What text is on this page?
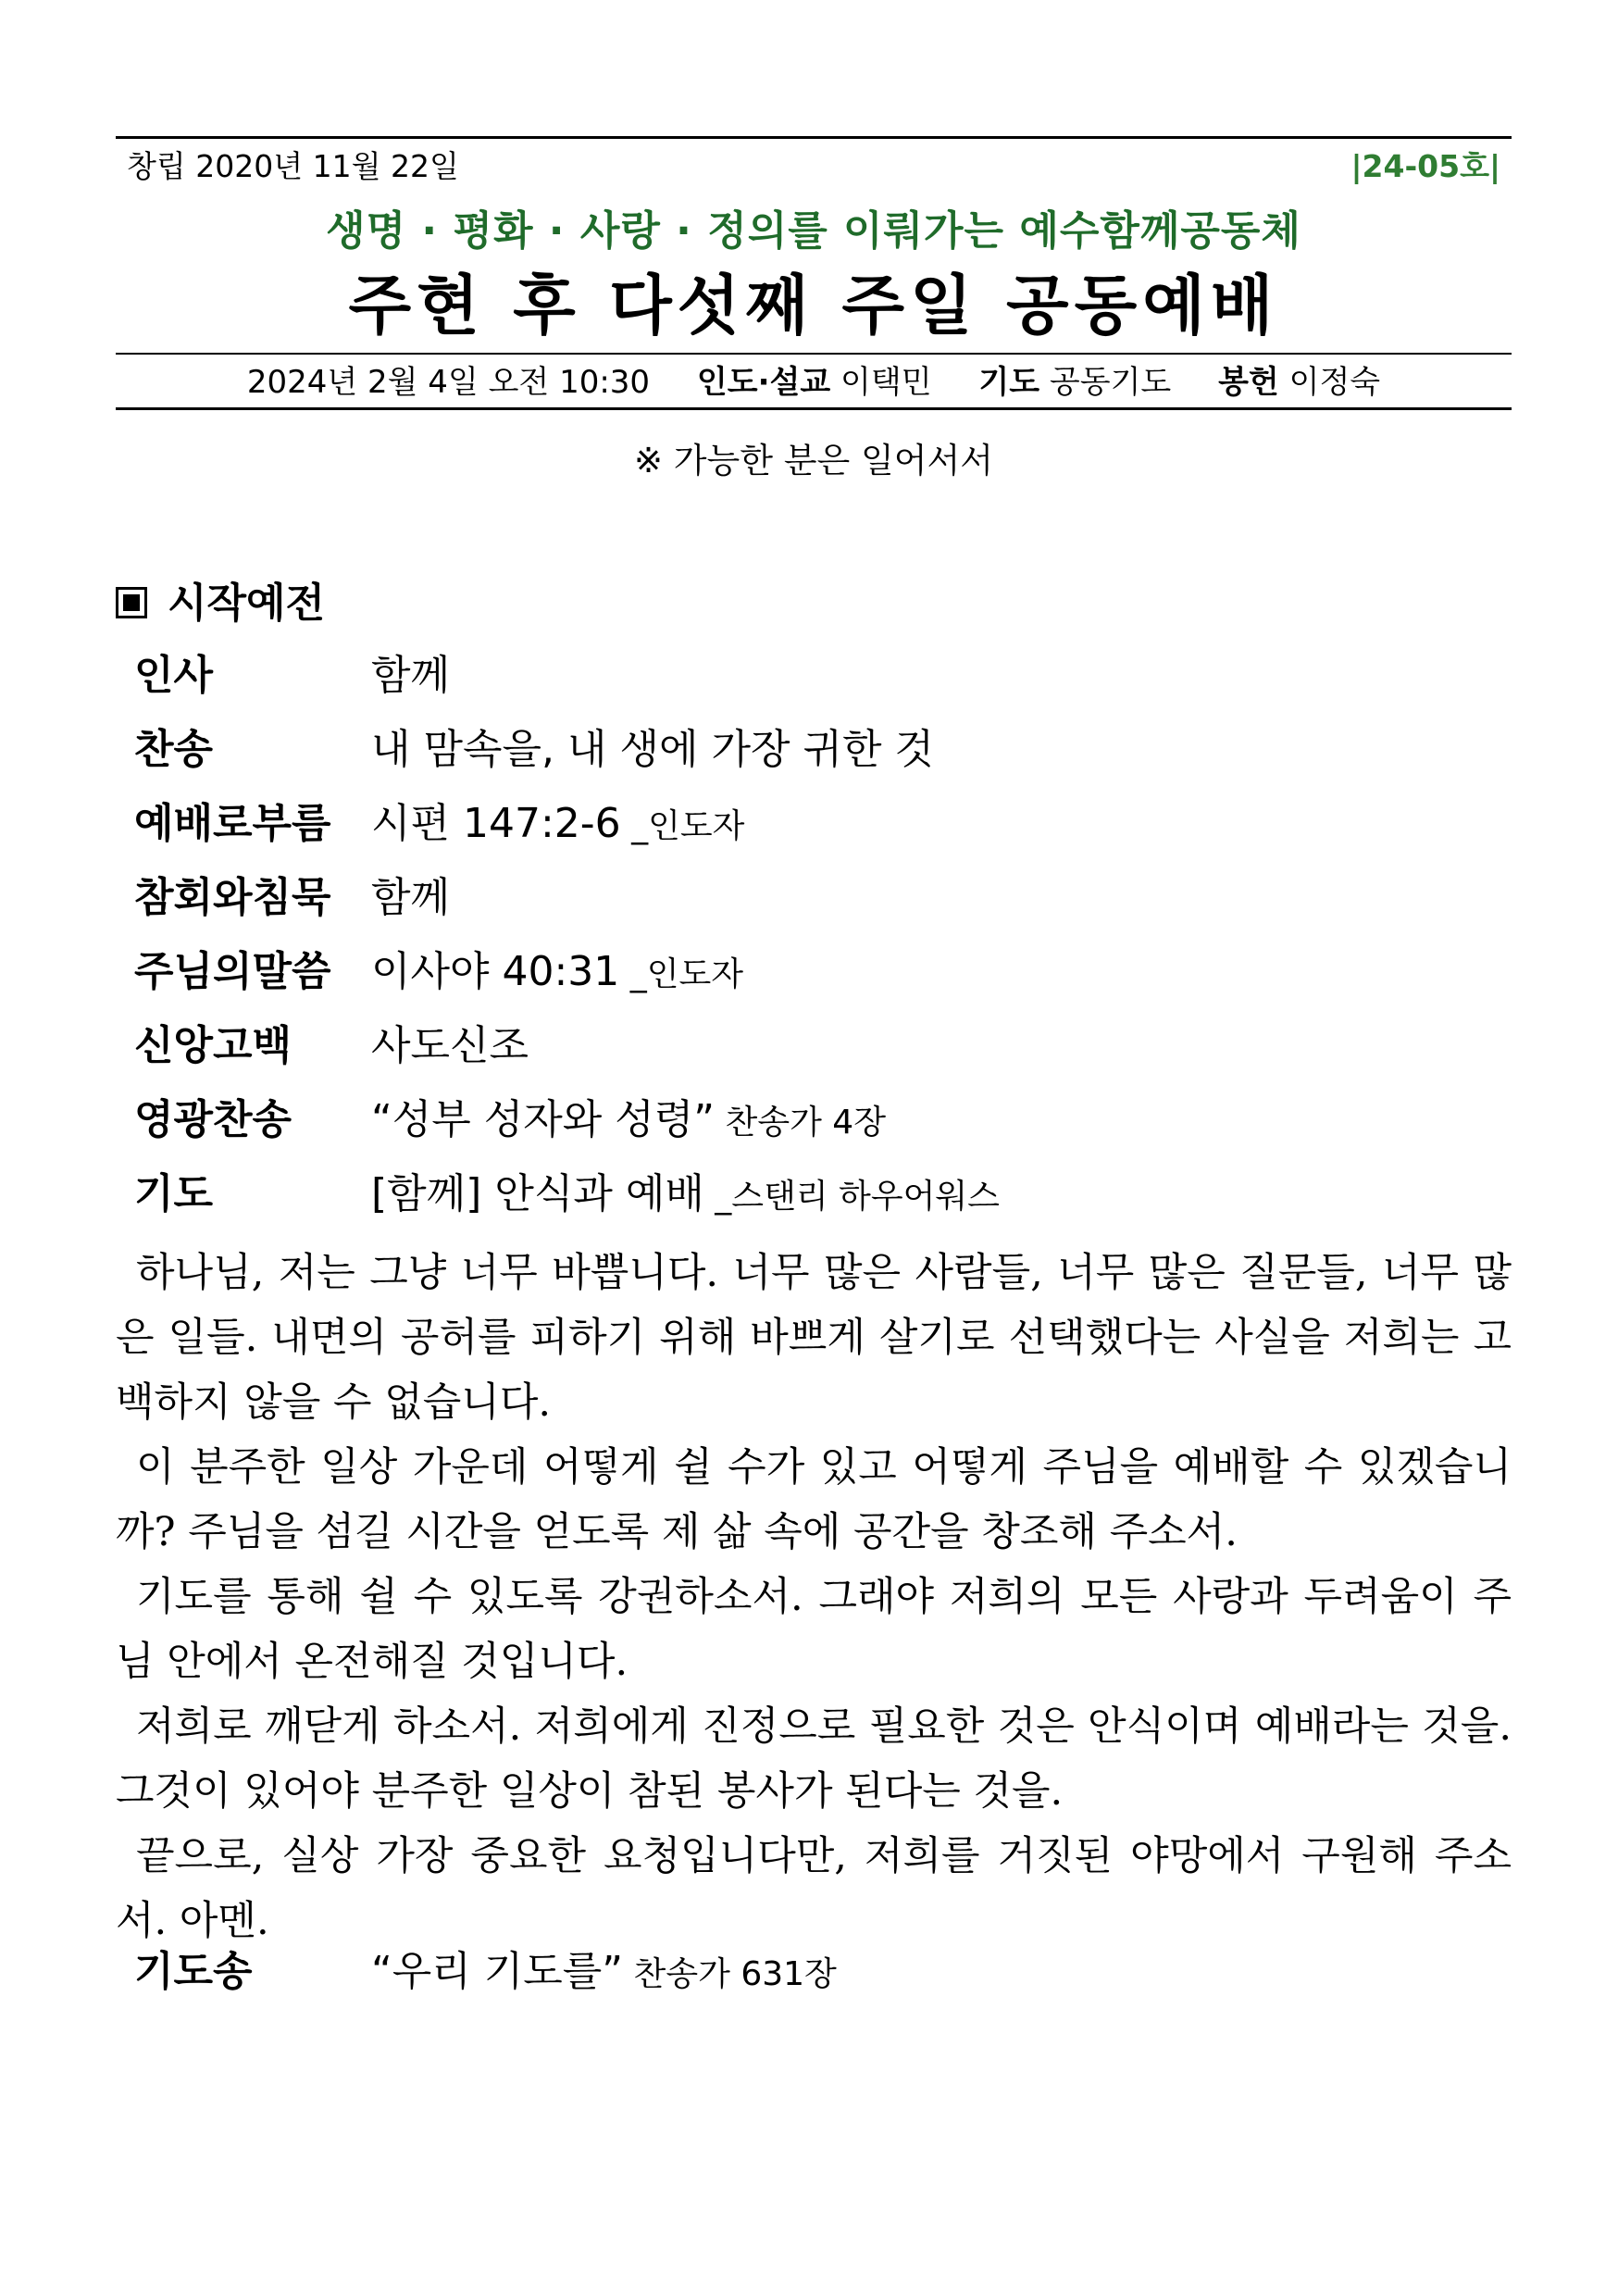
창립 2020년 11월 22일	|24-05호|
생명 · 평화 · 사랑 · 정의를 이뤄가는 예수함께공동체
주현 후 다섯째 주일 공동예배
2024년 2월 4일 오전 10:30 인도·설교 이택민 기도 공동기도 봉헌 이정숙
※ 가능한 분은 일어서서
시작예전
인사	함께
찬송	내 맘속을, 내 생에 가장 귀한 것
예배로부름 시편 147:2-6 _인도자
참회와침묵 함께
주님의말씀 이사야 40:31 _인도자
신앙고백 사도신조
영광찬송 “성부 성자와 성령” 찬송가 4장
기도	[함께] 안식과 예배 _스탠리 하우어워스

하나님, 저는 그냥 너무 바쁩니다. 너무 많은 사람들, 너무 많은 질문들, 너무 많은 일들. 내면의 공허를 피하기 위해 바쁘게 살기로 선택했다는 사실을 저희는 고백하지 않을 수 없습니다.

이 분주한 일상 가운데 어떻게 쉴 수가 있고 어떻게 주님을 예배할 수 있겠습니까? 주님을 섬길 시간을 얻도록 제 삶 속에 공간을 창조해 주소서.

기도를 통해 쉴 수 있도록 강권하소서. 그래야 저희의 모든 사랑과 두려움이 주님 안에서 온전해질 것입니다.

저희로 깨닫게 하소서. 저희에게 진정으로 필요한 것은 안식이며 예배라는 것을. 그것이 있어야 분주한 일상이 참된 봉사가 된다는 것을.

끝으로, 실상 가장 중요한 요청입니다만, 저희를 거짓된 야망에서 구원해 주소서. 아멘.

기도송	“우리 기도를” 찬송가 631장
